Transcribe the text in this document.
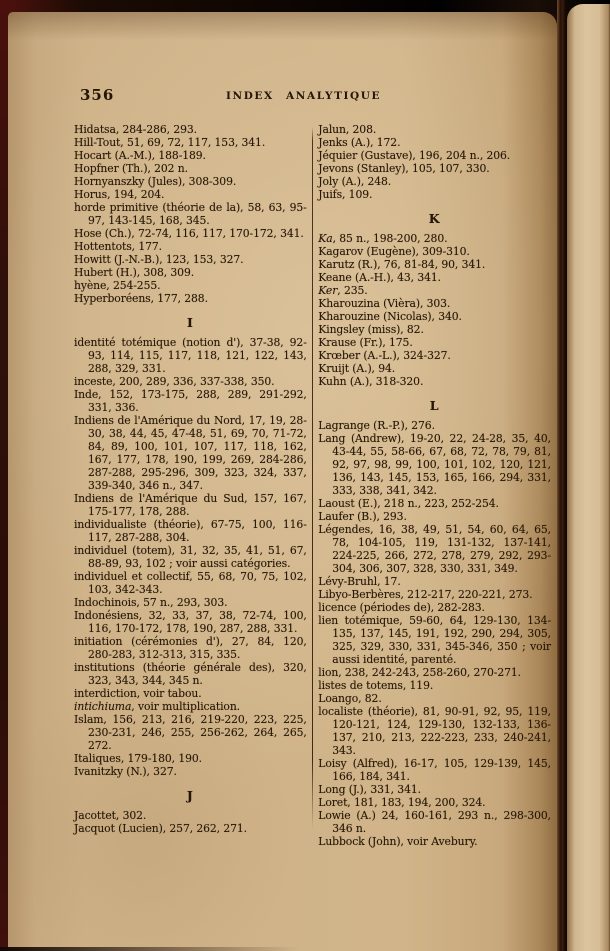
356	INDEX ANALYTIQUE
Hidatsa, 284-286, 293.
Hill-Tout, 51, 69, 72, 117, 153, 341.
Hocart (A.-M.), 188-189.
Hopfner (Th.), 202 n.
Hornyanszky (Jules), 308-309.
Horus, 194, 204.
horde primitive (théorie de la), 58, 63, 95-97, 143-145, 168, 345.
Hose (Ch.), 72-74, 116, 117, 170-172, 341.
Hottentots, 177.
Howitt (J.-N.-B.), 123, 153, 327.
Hubert (H.), 308, 309.
hyène, 254-255.
Hyperboréens, 177, 288.
I
identité totémique (notion d'), 37-38, 92-93, 114, 115, 117, 118, 121, 122, 143, 288, 329, 331.
inceste, 200, 289, 336, 337-338, 350.
Inde, 152, 173-175, 288, 289, 291-292, 331, 336.
Indiens de l'Amérique du Nord, 17, 19, 28-30, 38, 44, 45, 47-48, 51, 69, 70, 71-72, 84, 89, 100, 101, 107, 117, 118, 162, 167, 177, 178, 190, 199, 269, 284-286, 287-288, 295-296, 309, 323, 324, 337, 339-340, 346 n., 347.
Indiens de l'Amérique du Sud, 157, 167, 175-177, 178, 288.
individualiste (théorie), 67-75, 100, 116-117, 287-288, 304.
individuel (totem), 31, 32, 35, 41, 51, 67, 88-89, 93, 102 ; voir aussi catégories.
individuel et collectif, 55, 68, 70, 75, 102, 103, 342-343.
Indochinois, 57 n., 293, 303.
Indonésiens, 32, 33, 37, 38, 72-74, 100, 116, 170-172, 178, 190, 287, 288, 331.
initiation (cérémonies d'), 27, 84, 120, 280-283, 312-313, 315, 335.
institutions (théorie générale des), 320, 323, 343, 344, 345 n.
interdiction, voir tabou.
intichiuma, voir multiplication.
Islam, 156, 213, 216, 219-220, 223, 225, 230-231, 246, 255, 256-262, 264, 265, 272.
Italiques, 179-180, 190.
Ivanitzky (N.), 327.
J
Jacottet, 302.
Jacquot (Lucien), 257, 262, 271.
Jalun, 208.
Jenks (A.), 172.
Jéquier (Gustave), 196, 204 n., 206.
Jevons (Stanley), 105, 107, 330.
Joly (A.), 248.
Juifs, 109.
K
Ka, 85 n., 198-200, 280.
Kagarov (Eugène), 309-310.
Karutz (R.), 76, 81-84, 90, 341.
Keane (A.-H.), 43, 341.
Ker, 235.
Kharouzina (Vièra), 303.
Kharouzine (Nicolas), 340.
Kingsley (miss), 82.
Krause (Fr.), 175.
Krœber (A.-L.), 324-327.
Kruijt (A.), 94.
Kuhn (A.), 318-320.
L
Lagrange (R.-P.), 276.
Lang (Andrew), 19-20, 22, 24-28, 35, 40, 43-44, 55, 58-66, 67, 68, 72, 78, 79, 81, 92, 97, 98, 99, 100, 101, 102, 120, 121, 136, 143, 145, 153, 165, 166, 294, 331, 333, 338, 341, 342.
Laoust (E.), 218 n., 223, 252-254.
Laufer (B.), 293.
Légendes, 16, 38, 49, 51, 54, 60, 64, 65, 78, 104-105, 119, 131-132, 137-141, 224-225, 266, 272, 278, 279, 292, 293-304, 306, 307, 328, 330, 331, 349.
Lévy-Bruhl, 17.
Libyo-Berbères, 212-217, 220-221, 273.
licence (périodes de), 282-283.
lien totémique, 59-60, 64, 129-130, 134-135, 137, 145, 191, 192, 290, 294, 305, 325, 329, 330, 331, 345-346, 350 ; voir aussi identité, parenté.
lion, 238, 242-243, 258-260, 270-271.
listes de totems, 119.
Loango, 82.
localiste (théorie), 81, 90-91, 92, 95, 119, 120-121, 124, 129-130, 132-133, 136-137, 210, 213, 222-223, 233, 240-241, 343.
Loisy (Alfred), 16-17, 105, 129-139, 145, 166, 184, 341.
Long (J.), 331, 341.
Loret, 181, 183, 194, 200, 324.
Lowie (A.) 24, 160-161, 293 n., 298-300, 346 n.
Lubbock (John), voir Avebury.
